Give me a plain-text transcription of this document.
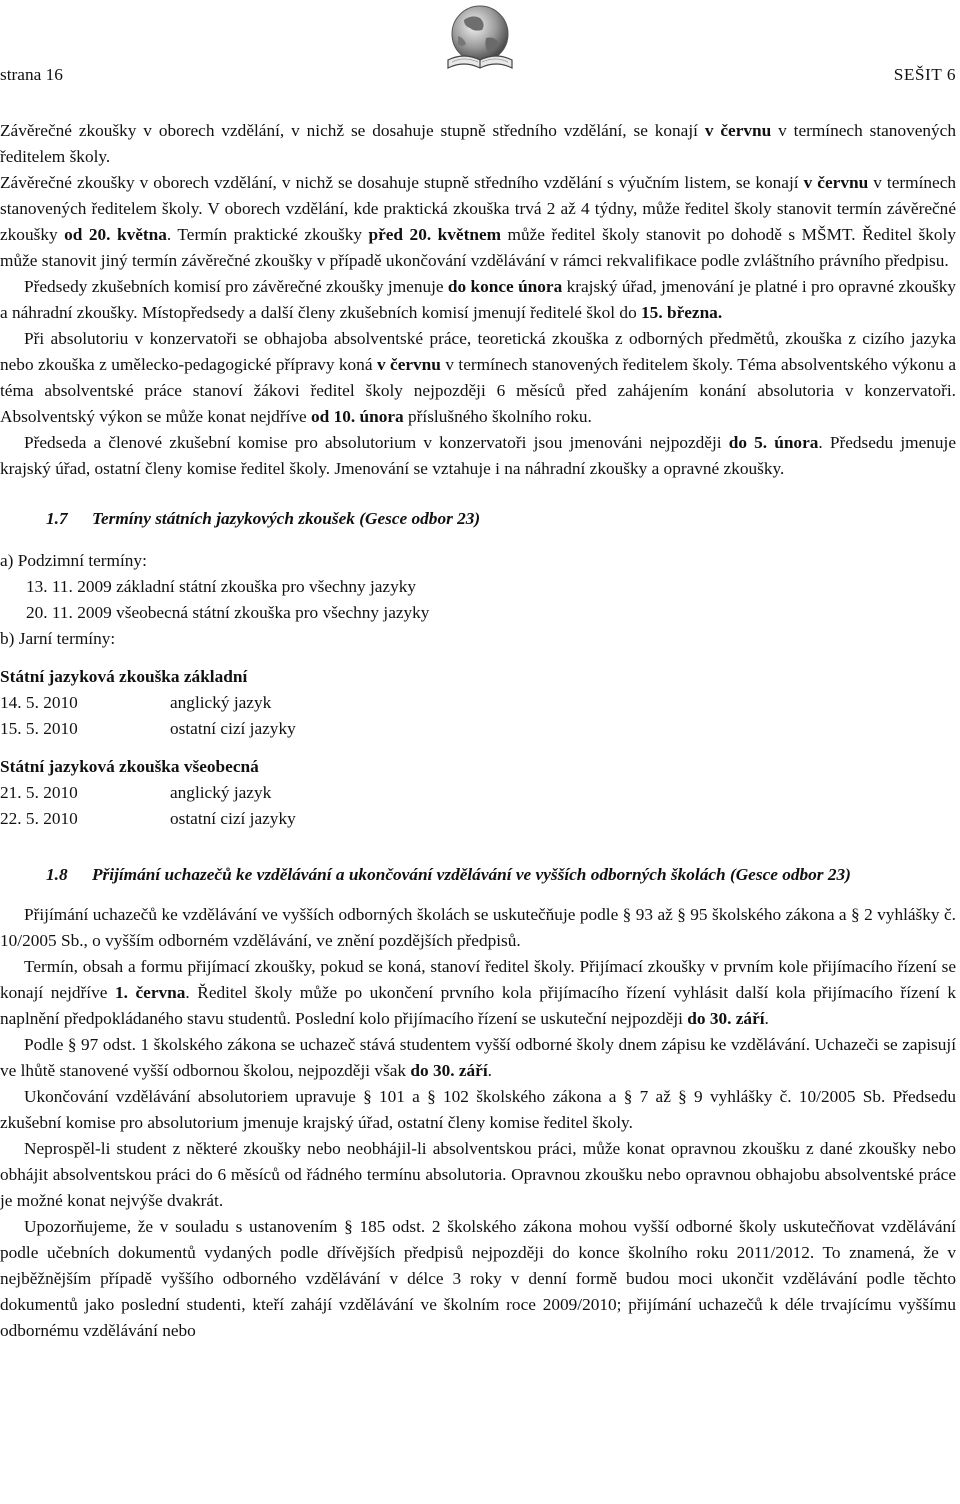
strana 16	SEŠIT 6

Závěrečné zkoušky v oborech vzdělání, v nichž se dosahuje stupně středního vzdělání, se konají v červnu v termínech stanovených ředitelem školy.

Závěrečné zkoušky v oborech vzdělání, v nichž se dosahuje stupně středního vzdělání s výučním listem, se konají v červnu v termínech stanovených ředitelem školy. V oborech vzdělání, kde praktická zkouška trvá 2 až 4 týdny, může ředitel školy stanovit termín závěrečné zkoušky od 20. května. Termín praktické zkoušky před 20. květnem může ředitel školy stanovit po dohodě s MŠMT. Ředitel školy může stanovit jiný termín závěrečné zkoušky v případě ukončování vzdělávání v rámci rekvalifikace podle zvláštního právního předpisu.

Předsedy zkušebních komisí pro závěrečné zkoušky jmenuje do konce února krajský úřad, jmenování je platné i pro opravné zkoušky a náhradní zkoušky. Místopředsedy a další členy zkušebních komisí jmenují ředitelé škol do 15. března.

Při absolutoriu v konzervatoři se obhajoba absolventské práce, teoretická zkouška z odborných předmětů, zkouška z cizího jazyka nebo zkouška z umělecko-pedagogické přípravy koná v červnu v termínech stanovených ředitelem školy. Téma absolventského výkonu a téma absolventské práce stanoví žákovi ředitel školy nejpozději 6 měsíců před zahájením konání absolutoria v konzervatoři. Absolventský výkon se může konat nejdříve od 10. února příslušného školního roku.

Předseda a členové zkušební komise pro absolutorium v konzervatoři jsou jmenováni nejpozději do 5. února. Předsedu jmenuje krajský úřad, ostatní členy komise ředitel školy. Jmenování se vztahuje i na náhradní zkoušky a opravné zkoušky.

1.7	Termíny státních jazykových zkoušek (Gesce odbor 23)
a) Podzimní termíny:
13. 11. 2009 základní státní zkouška pro všechny jazyky
20. 11. 2009 všeobecná státní zkouška pro všechny jazyky
b) Jarní termíny:
Státní jazyková zkouška základní
14. 5. 2010	anglický jazyk
15. 5. 2010	ostatní cizí jazyky
Státní jazyková zkouška všeobecná
21. 5. 2010	anglický jazyk
22. 5. 2010	ostatní cizí jazyky
1.8	Přijímání uchazečů ke vzdělávání a ukončování vzdělávání ve vyšších odborných školách (Gesce odbor 23)

Přijímání uchazečů ke vzdělávání ve vyšších odborných školách se uskutečňuje podle § 93 až § 95 školského zákona a § 2 vyhlášky č. 10/2005 Sb., o vyšším odborném vzdělávání, ve znění pozdějších předpisů.

Termín, obsah a formu přijímací zkoušky, pokud se koná, stanoví ředitel školy. Přijímací zkoušky v prvním kole přijímacího řízení se konají nejdříve 1. června. Ředitel školy může po ukončení prvního kola přijímacího řízení vyhlásit další kola přijímacího řízení k naplnění předpokládaného stavu studentů. Poslední kolo přijímacího řízení se uskuteční nejpozději do 30. září.

Podle § 97 odst. 1 školského zákona se uchazeč stává studentem vyšší odborné školy dnem zápisu ke vzdělávání. Uchazeči se zapisují ve lhůtě stanovené vyšší odbornou školou, nejpozději však do 30. září.

Ukončování vzdělávání absolutoriem upravuje § 101 a § 102 školského zákona a § 7 až § 9 vyhlášky č. 10/2005 Sb. Předsedu zkušební komise pro absolutorium jmenuje krajský úřad, ostatní členy komise ředitel školy.

Neprospěl-li student z některé zkoušky nebo neobhájil-li absolventskou práci, může konat opravnou zkoušku z dané zkoušky nebo obhájit absolventskou práci do 6 měsíců od řádného termínu absolutoria. Opravnou zkoušku nebo opravnou obhajobu absolventské práce je možné konat nejvýše dvakrát.

Upozorňujeme, že v souladu s ustanovením § 185 odst. 2 školského zákona mohou vyšší odborné školy uskutečňovat vzdělávání podle učebních dokumentů vydaných podle dřívějších předpisů nejpozději do konce školního roku 2011/2012. To znamená, že v nejběžnějším případě vyššího odborného vzdělávání v délce 3 roky v denní formě budou moci ukončit vzdělávání podle těchto dokumentů jako poslední studenti, kteří zahájí vzdělávání ve školním roce 2009/2010; přijímání uchazečů k déle trvajícímu vyššímu odbornému vzdělávání nebo
